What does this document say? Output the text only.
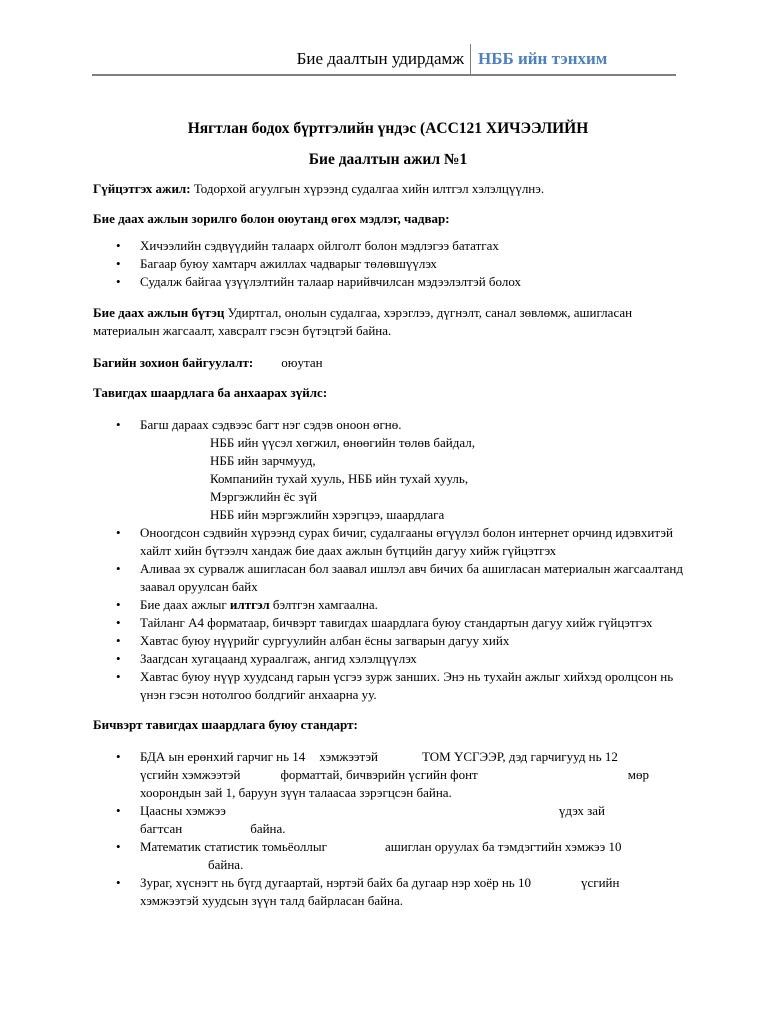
Бие даалтын удирдамж НББ ийн тэнхим

Нягтлан бодох бүртгэлийн үндэс (ACC121 ХИЧЭЭЛИЙН

Бие даалтын ажил №1

Гүйцэтгэх ажил: Тодорхой агуулгын хүрээнд судалгаа хийн илтгэл хэлэлцүүлнэ.

Бие даах ажлын зорилго болон оюутанд өгөх мэдлэг, чадвар:

• Хичээлийн сэдвүүдийн талаарх ойлголт болон мэдлэгээ бататгах
• Багаар буюу хамтарч ажиллах чадварыг төлөвшүүлэх
• Судалж байгаа үзүүлэлтийн талаар нарийвчилсан мэдээлэлтэй болох

Бие даах ажлын бүтэц Удиртгал, онолын судалгаа, хэрэглээ, дүгнэлт, санал зөвлөмж, ашигласан материалын жагсаалт, хавсралт гэсэн бүтэцтэй байна.

Багийн зохион байгуулалт: оюутан

Тавигдах шаардлага ба анхаарах зүйлс:

• Багш дараах сэдвээс багт нэг сэдэв оноон өгнө.
НББ ийн үүсэл хөгжил, өнөөгийн төлөв байдал,
НББ ийн зарчмууд,
Компанийн тухай хууль, НББ ийн тухай хууль,
Мэргэжлийн ёс зүй
НББ ийн мэргэжлийн хэрэгцээ, шаардлага
• Оноогдсон сэдвийн хүрээнд сурах бичиг, судалгааны өгүүлэл болон интернет орчинд идэвхитэй хайлт хийн бүтээлч хандаж бие даах ажлын бүтцийн дагуу хийж гүйцэтгэх
• Аливаа эх сурвалж ашигласан бол заавал ишлэл авч бичих ба ашигласан материалын жагсаалтанд заавал оруулсан байх
• Бие даах ажлыг илтгэл бэлтгэн хамгаална.
• Тайланг А4 форматаар, бичвэрт тавигдах шаардлага буюу стандартын дагуу хийж гүйцэтгэх
• Хавтас буюу нүүрийг сургуулийн албан ёсны загварын дагуу хийх
• Заагдсан хугацаанд хураалгаж, ангид хэлэлцүүлэх
• Хавтас буюу нүүр хуудсанд гарын үсгээ зурж заншиx. Энэ нь тухайн ажлыг хийхэд оролцсон нь үнэн гэсэн нотолгоо болдгийг анхаарна уу.

Бичвэрт тавигдах шаардлага буюу стандарт:

• БДА ын ерөнхий гарчиг нь 14 хэмжээтэй	ТОМ ҮСГЭЭР, дэд гарчигууд нь 12
үсгийн хэмжээтэй	форматтай, бичвэрийн үсгийн фонт	мөр
хоорондын зай 1, баруун зүүн талаасаа зэрэгцсэн байна.
• Цаасны хэмжээ	үдэх зай
багтсан	байна.
• Математик статистик томьёоллыг	ашиглан оруулах ба тэмдэгтийн хэмжээ 10
байна.
• Зураг, хүснэгт нь бүгд дугаартай, нэртэй байх ба дугаар нэр хоёр нь 10	үсгийн
хэмжээтэй хуудсын зүүн талд байрласан байна.
